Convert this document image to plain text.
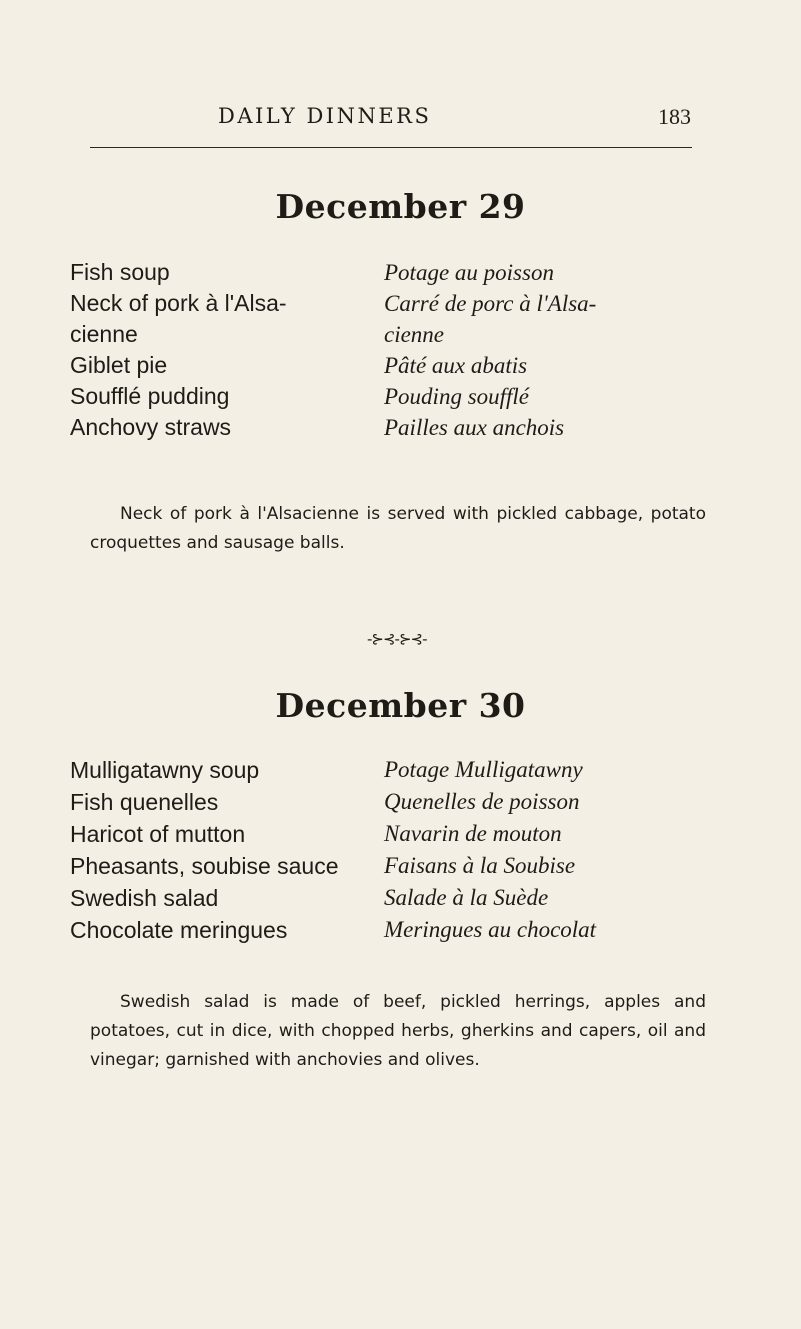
DAILY DINNERS	183
December 29
Fish soup
Neck of pork à l'Alsa-
cienne
Giblet pie
Soufflé pudding
Anchovy straws
Potage au poisson
Carré de porc à l'Alsa-
cienne
Pâté aux abatis
Pouding soufflé
Pailles aux anchois
Neck of pork à l'Alsacienne is served with pickled cabbage, potato croquettes and sausage balls.
-⊱⊰-⊱⊰-
December 30
Mulligatawny soup
Fish quenelles
Haricot of mutton
Pheasants, soubise sauce
Swedish salad
Chocolate meringues
Potage Mulligatawny
Quenelles de poisson
Navarin de mouton
Faisans à la Soubise
Salade à la Suède
Meringues au chocolat
Swedish salad is made of beef, pickled herrings, apples and potatoes, cut in dice, with chopped herbs, gherkins and capers, oil and vinegar; garnished with anchovies and olives.
